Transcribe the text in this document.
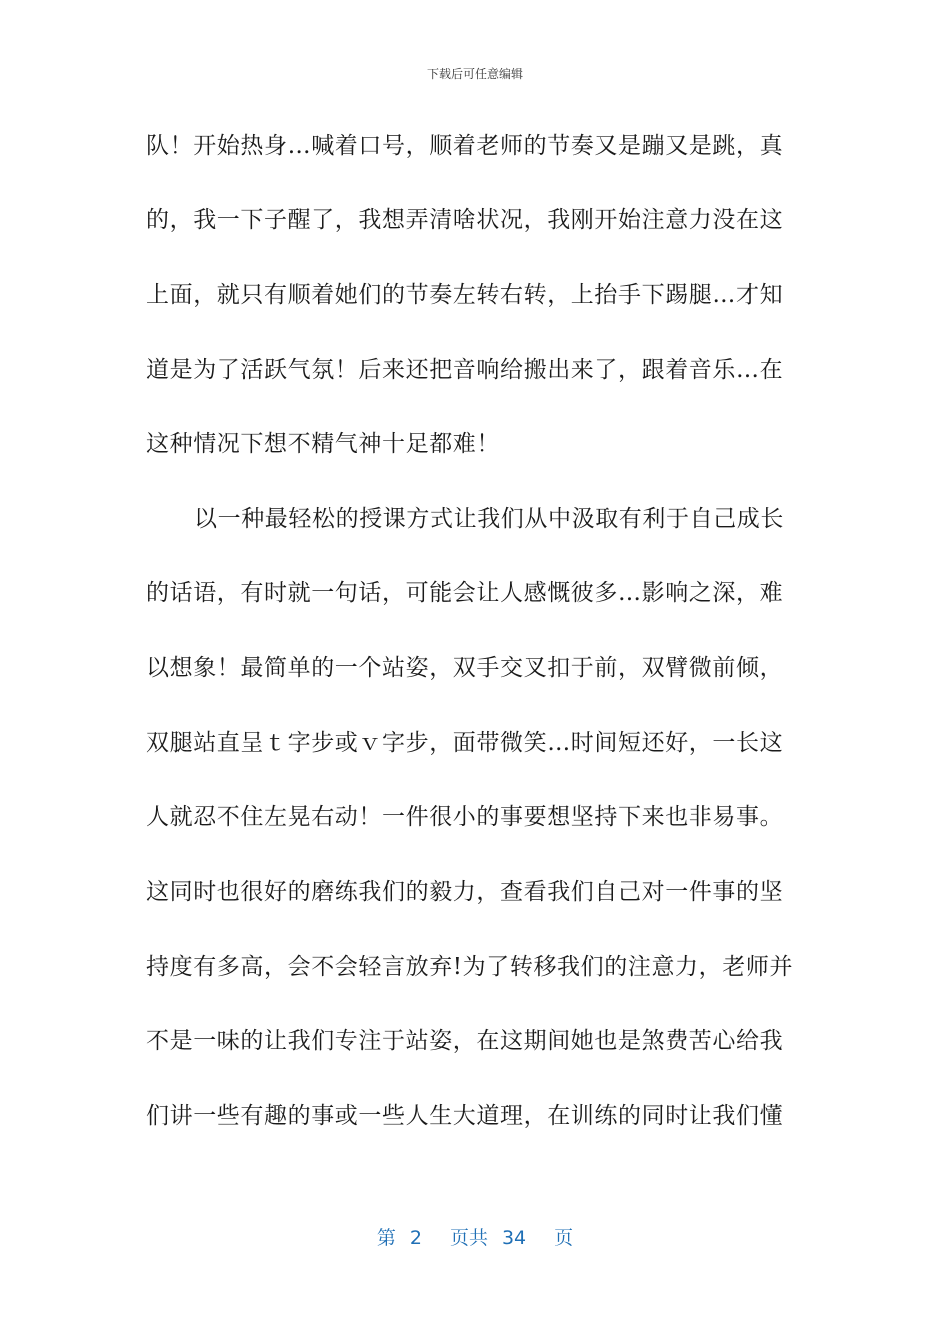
下载后可任意编辑
队！开始热身…喊着口号，顺着老师的节奏又是蹦又是跳，真
的，我一下子醒了，我想弄清啥状况，我刚开始注意力没在这
上面，就只有顺着她们的节奏左转右转，上抬手下踢腿…才知
道是为了活跃气氛！后来还把音响给搬出来了，跟着音乐…在
这种情况下想不精气神十足都难！
以一种最轻松的授课方式让我们从中汲取有利于自己成长
的话语，有时就一句话，可能会让人感慨彼多…影响之深，难
以想象！最简单的一个站姿，双手交叉扣于前，双臂微前倾，
双腿站直呈ｔ字步或ｖ字步，面带微笑…时间短还好，一长这
人就忍不住左晃右动！一件很小的事要想坚持下来也非易事。
这同时也很好的磨练我们的毅力，查看我们自己对一件事的坚
持度有多高，会不会轻言放弃!为了转移我们的注意力，老师并
不是一味的让我们专注于站姿，在这期间她也是煞费苦心给我
们讲一些有趣的事或一些人生大道理，在训练的同时让我们懂
第 2 页共 34 页
